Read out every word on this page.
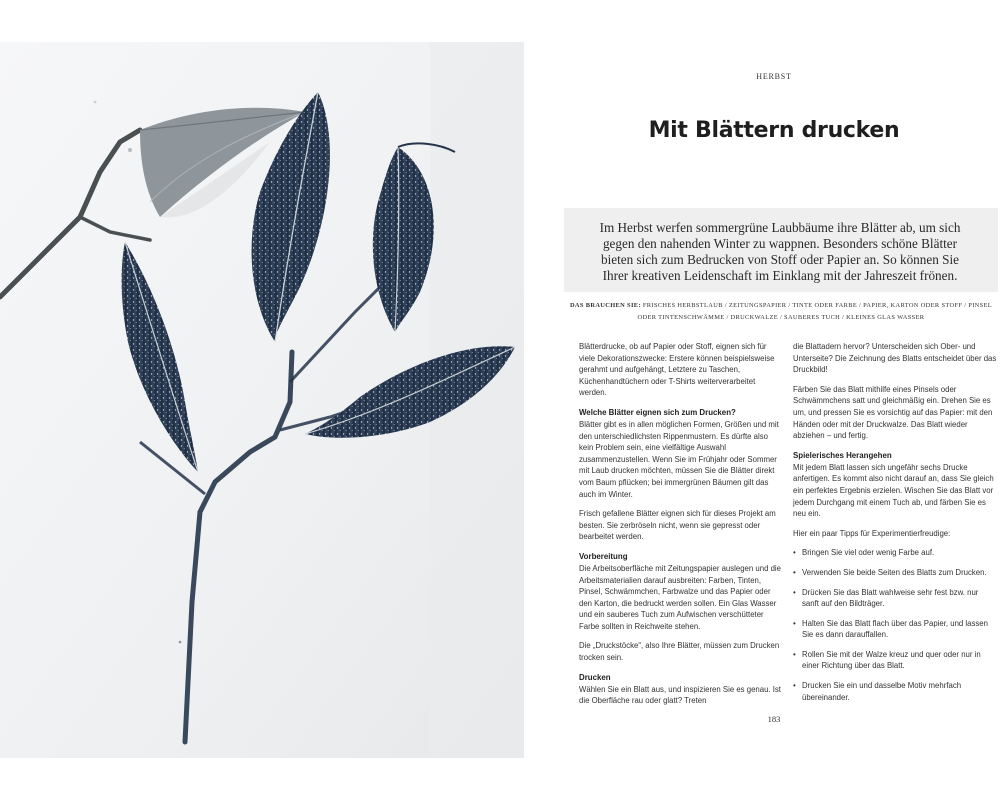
HERBST
Mit Blättern drucken
Im Herbst werfen sommergrüne Laubbäume ihre Blätter ab, um sich gegen den nahenden Winter zu wappnen. Besonders schöne Blätter bieten sich zum Bedrucken von Stoff oder Papier an. So können Sie Ihrer kreativen Leidenschaft im Einklang mit der Jahreszeit frönen.
DAS BRAUCHEN SIE: FRISCHES HERBSTLAUB / ZEITUNGSPAPIER / TINTE ODER FARBE / PAPIER, KARTON ODER STOFF / PINSEL ODER TINTENSCHWÄMME / DRUCKWALZE / SAUBERES TUCH / KLEINES GLAS WASSER

Blätterdrucke, ob auf Papier oder Stoff, eignen sich für viele Dekorationszwecke: Erstere können beispielsweise gerahmt und aufgehängt, Letztere zu Taschen, Küchenhandtüchern oder T-Shirts weiterverarbeitet werden.

Welche Blätter eignen sich zum Drucken?

Blätter gibt es in allen möglichen Formen, Größen und mit den unterschiedlichsten Rippenmustern. Es dürfte also kein Problem sein, eine vielfältige Auswahl zusammenzustellen. Wenn Sie im Frühjahr oder Sommer mit Laub drucken möchten, müssen Sie die Blätter direkt vom Baum pflücken; bei immergrünen Bäumen gilt das auch im Winter.

Frisch gefallene Blätter eignen sich für dieses Projekt am besten. Sie zerbröseln nicht, wenn sie gepresst oder bearbeitet werden.

Vorbereitung

Die Arbeitsoberfläche mit Zeitungspapier auslegen und die Arbeitsmaterialien darauf ausbreiten: Farben, Tinten, Pinsel, Schwämmchen, Farbwalze und das Papier oder den Karton, die bedruckt werden sollen. Ein Glas Wasser und ein sauberes Tuch zum Aufwischen verschütteter Farbe sollten in Reichweite stehen.

Die „Druckstöcke“, also Ihre Blätter, müssen zum Drucken trocken sein.

Drucken

Wählen Sie ein Blatt aus, und inspizieren Sie es genau. Ist die Oberfläche rau oder glatt? Treten

die Blattadern hervor? Unterscheiden sich Ober- und Unterseite? Die Zeichnung des Blatts entscheidet über das Druckbild!

Färben Sie das Blatt mithilfe eines Pinsels oder Schwämmchens satt und gleichmäßig ein. Drehen Sie es um, und pressen Sie es vorsichtig auf das Papier: mit den Händen oder mit der Druckwalze. Das Blatt wieder abziehen – und fertig.

Spielerisches Herangehen

Mit jedem Blatt lassen sich ungefähr sechs Drucke anfertigen. Es kommt also nicht darauf an, dass Sie gleich ein perfektes Ergebnis erzielen. Wischen Sie das Blatt vor jedem Durchgang mit einem Tuch ab, und färben Sie es neu ein.

Hier ein paar Tipps für Experimentierfreudige:

• Bringen Sie viel oder wenig Farbe auf.
• Verwenden Sie beide Seiten des Blatts zum Drucken.
• Drücken Sie das Blatt wahlweise sehr fest bzw. nur sanft auf den Bildträger.
• Halten Sie das Blatt flach über das Papier, und lassen Sie es dann darauffallen.
• Rollen Sie mit der Walze kreuz und quer oder nur in einer Richtung über das Blatt.
• Drucken Sie ein und dasselbe Motiv mehrfach übereinander.
183
